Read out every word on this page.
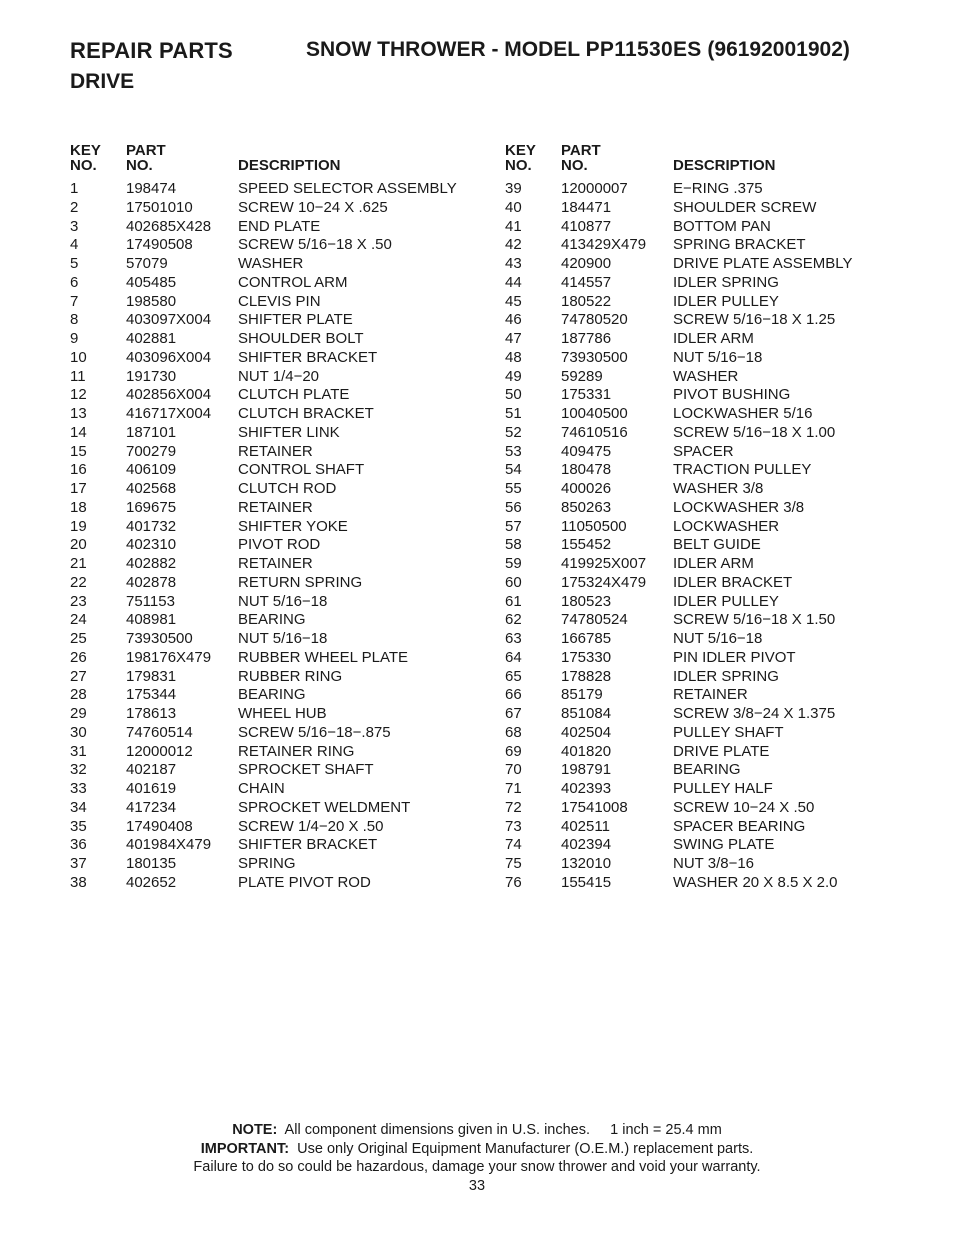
REPAIR PARTS	SNOW THROWER - MODEL PP11530ES (96192001902)
DRIVE
KEY
NO.
PART
NO.	DESCRIPTION
1	198474	SPEED SELECTOR ASSEMBLY
2	17501010	SCREW 10−24 X .625
3	402685X428 END PLATE
4	17490508	SCREW 5/16−18 X .50
5	57079	WASHER
6	405485	CONTROL ARM
7	198580	CLEVIS PIN
8	403097X004 SHIFTER PLATE
9	402881	SHOULDER BOLT
10	403096X004 SHIFTER BRACKET
11	191730	NUT 1/4−20
12	402856X004 CLUTCH PLATE
13	416717X004 CLUTCH BRACKET
14	187101	SHIFTER LINK
15	700279	RETAINER
16	406109	CONTROL SHAFT
17	402568	CLUTCH ROD
18	169675	RETAINER
19	401732	SHIFTER YOKE
20	402310	PIVOT ROD
21	402882	RETAINER
22	402878	RETURN SPRING
23	751153	NUT 5/16−18
24	408981	BEARING
25	73930500	NUT 5/16−18
26	198176X479 RUBBER WHEEL PLATE
27	179831	RUBBER RING
28	175344	BEARING
29	178613	WHEEL HUB
30	74760514	SCREW 5/16−18−.875
31	12000012	RETAINER RING
32	402187	SPROCKET SHAFT
33	401619	CHAIN
34	417234	SPROCKET WELDMENT
35	17490408	SCREW 1/4−20 X .50
36	401984X479 SHIFTER BRACKET
37	180135	SPRING
38	402652	PLATE PIVOT ROD
KEY
NO.
PART
NO.	DESCRIPTION
39	12000007	E−RING .375
40	184471	SHOULDER SCREW
41	410877	BOTTOM PAN
42	413429X479 SPRING BRACKET
43	420900	DRIVE PLATE ASSEMBLY
44	414557	IDLER SPRING
45	180522	IDLER PULLEY
46	74780520	SCREW 5/16−18 X 1.25
47	187786	IDLER ARM
48	73930500	NUT 5/16−18
49	59289	WASHER
50	175331	PIVOT BUSHING
51	10040500	LOCKWASHER 5/16
52	74610516	SCREW 5/16−18 X 1.00
53	409475	SPACER
54	180478	TRACTION PULLEY
55	400026	WASHER 3/8
56	850263	LOCKWASHER 3/8
57	11050500	LOCKWASHER
58	155452	BELT GUIDE
59	419925X007 IDLER ARM
60	175324X479 IDLER BRACKET
61	180523	IDLER PULLEY
62	74780524	SCREW 5/16−18 X 1.50
63	166785	NUT 5/16−18
64	175330	PIN IDLER PIVOT
65	178828	IDLER SPRING
66	85179	RETAINER
67	851084	SCREW 3/8−24 X 1.375
68	402504	PULLEY SHAFT
69	401820	DRIVE PLATE
70	198791	BEARING
71	402393	PULLEY HALF
72	17541008	SCREW 10−24 X .50
73	402511	SPACER BEARING
74	402394	SWING PLATE
75	132010	NUT 3/8−16
76	155415	WASHER 20 X 8.5 X 2.0
NOTE:  All component dimensions given in U.S. inches.     1 inch = 25.4 mm
IMPORTANT:  Use only Original Equipment Manufacturer (O.E.M.) replacement parts.
Failure to do so could be hazardous, damage your snow thrower and void your warranty.
33
